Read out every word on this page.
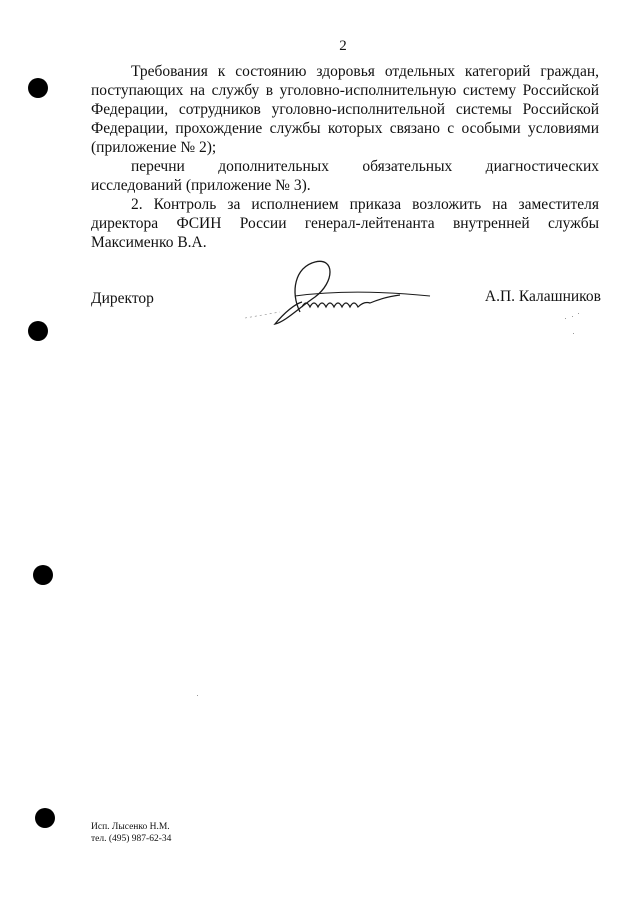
2

Требования к состоянию здоровья отдельных категорий граждан, поступающих на службу в уголовно-исполнительную систему Российской Федерации, сотрудников уголовно-исполнительной системы Российской Федерации, прохождение службы которых связано с особыми условиями (приложение № 2);

перечни дополнительных обязательных диагностических исследований (приложение № 3).

2. Контроль за исполнением приказа возложить на заместителя директора ФСИН России генерал-лейтенанта внутренней службы Максименко В.А.

Директор	А.П. Калашников
Исп. Лысенко Н.М.
тел. (495) 987-62-34
